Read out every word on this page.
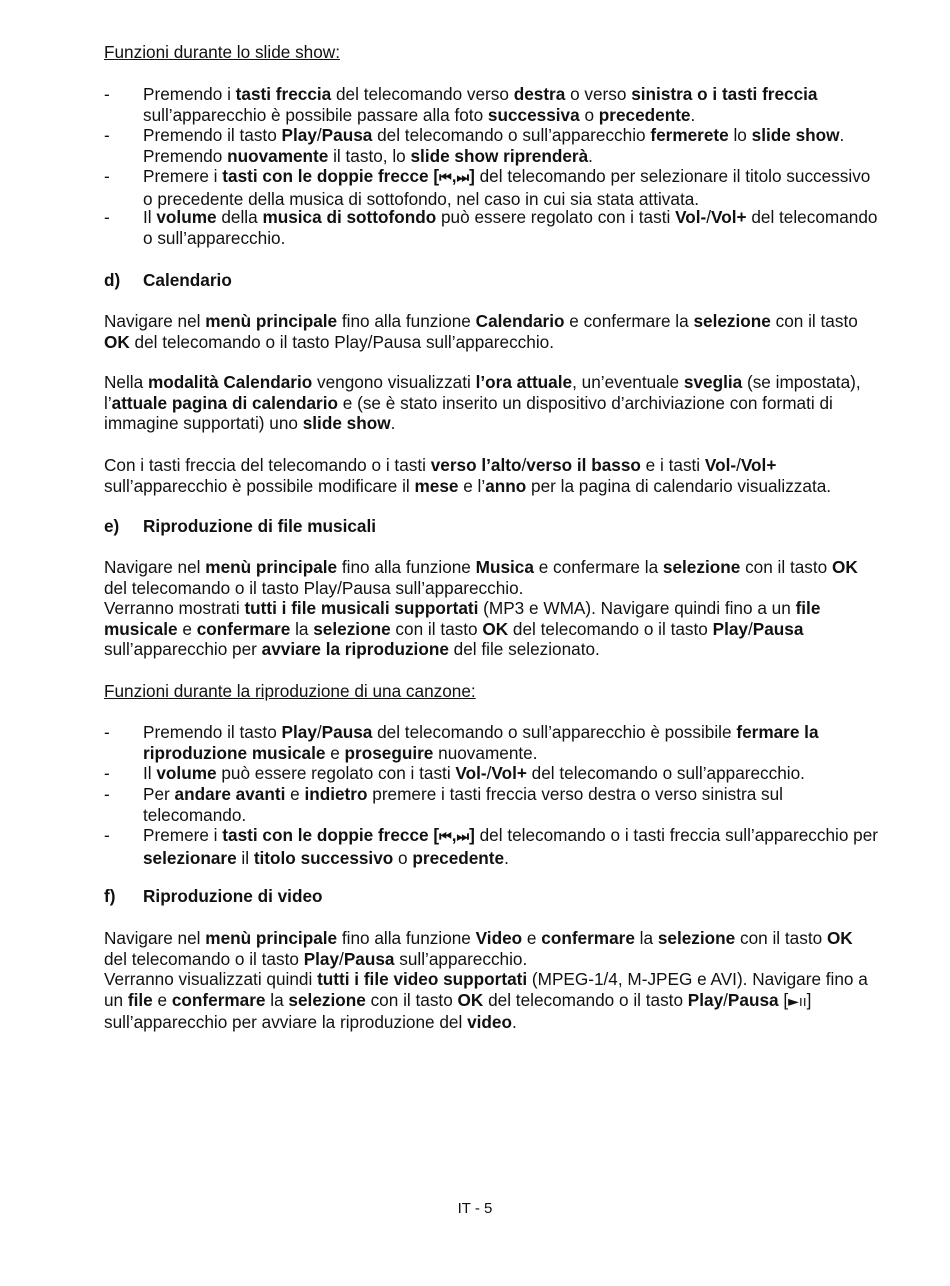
Funzioni durante lo slide show:
- Premendo i tasti freccia del telecomando verso destra o verso sinistra o i tasti freccia sull’apparecchio è possibile passare alla foto successiva o precedente.
- Premendo il tasto Play/Pausa del telecomando o sull’apparecchio fermerete lo slide show. Premendo nuovamente il tasto, lo slide show riprenderà.
- Premere i tasti con le doppie frecce [⏮,⏭] del telecomando per selezionare il titolo successivo o precedente della musica di sottofondo, nel caso in cui sia stata attivata.
- Il volume della musica di sottofondo può essere regolato con i tasti Vol-/Vol+ del telecomando o sull’apparecchio.
d) Calendario
Navigare nel menù principale fino alla funzione Calendario e confermare la selezione con il tasto OK del telecomando o il tasto Play/Pausa sull’apparecchio.
Nella modalità Calendario vengono visualizzati l’ora attuale, un’eventuale sveglia (se impostata), l’attuale pagina di calendario e (se è stato inserito un dispositivo d’archiviazione con formati di immagine supportati) uno slide show.
Con i tasti freccia del telecomando o i tasti verso l’alto/verso il basso e i tasti Vol-/Vol+ sull’apparecchio è possibile modificare il mese e l’anno per la pagina di calendario visualizzata.
e) Riproduzione di file musicali
Navigare nel menù principale fino alla funzione Musica e confermare la selezione con il tasto OK del telecomando o il tasto Play/Pausa sull’apparecchio.
Verranno mostrati tutti i file musicali supportati (MP3 e WMA). Navigare quindi fino a un file musicale e confermare la selezione con il tasto OK del telecomando o il tasto Play/Pausa sull’apparecchio per avviare la riproduzione del file selezionato.
Funzioni durante la riproduzione di una canzone:
- Premendo il tasto Play/Pausa del telecomando o sull’apparecchio è possibile fermare la riproduzione musicale e proseguire nuovamente.
- Il volume può essere regolato con i tasti Vol-/Vol+ del telecomando o sull’apparecchio.
- Per andare avanti e indietro premere i tasti freccia verso destra o verso sinistra sul telecomando.
- Premere i tasti con le doppie frecce [⏮,⏭] del telecomando o i tasti freccia sull’apparecchio per selezionare il titolo successivo o precedente.
f) Riproduzione di video
Navigare nel menù principale fino alla funzione Video e confermare la selezione con il tasto OK del telecomando o il tasto Play/Pausa sull’apparecchio.
Verranno visualizzati quindi tutti i file video supportati (MPEG-1/4, M-JPEG e AVI). Navigare fino a un file e confermare la selezione con il tasto OK del telecomando o il tasto Play/Pausa [►ıı] sull’apparecchio per avviare la riproduzione del video.
IT - 5
